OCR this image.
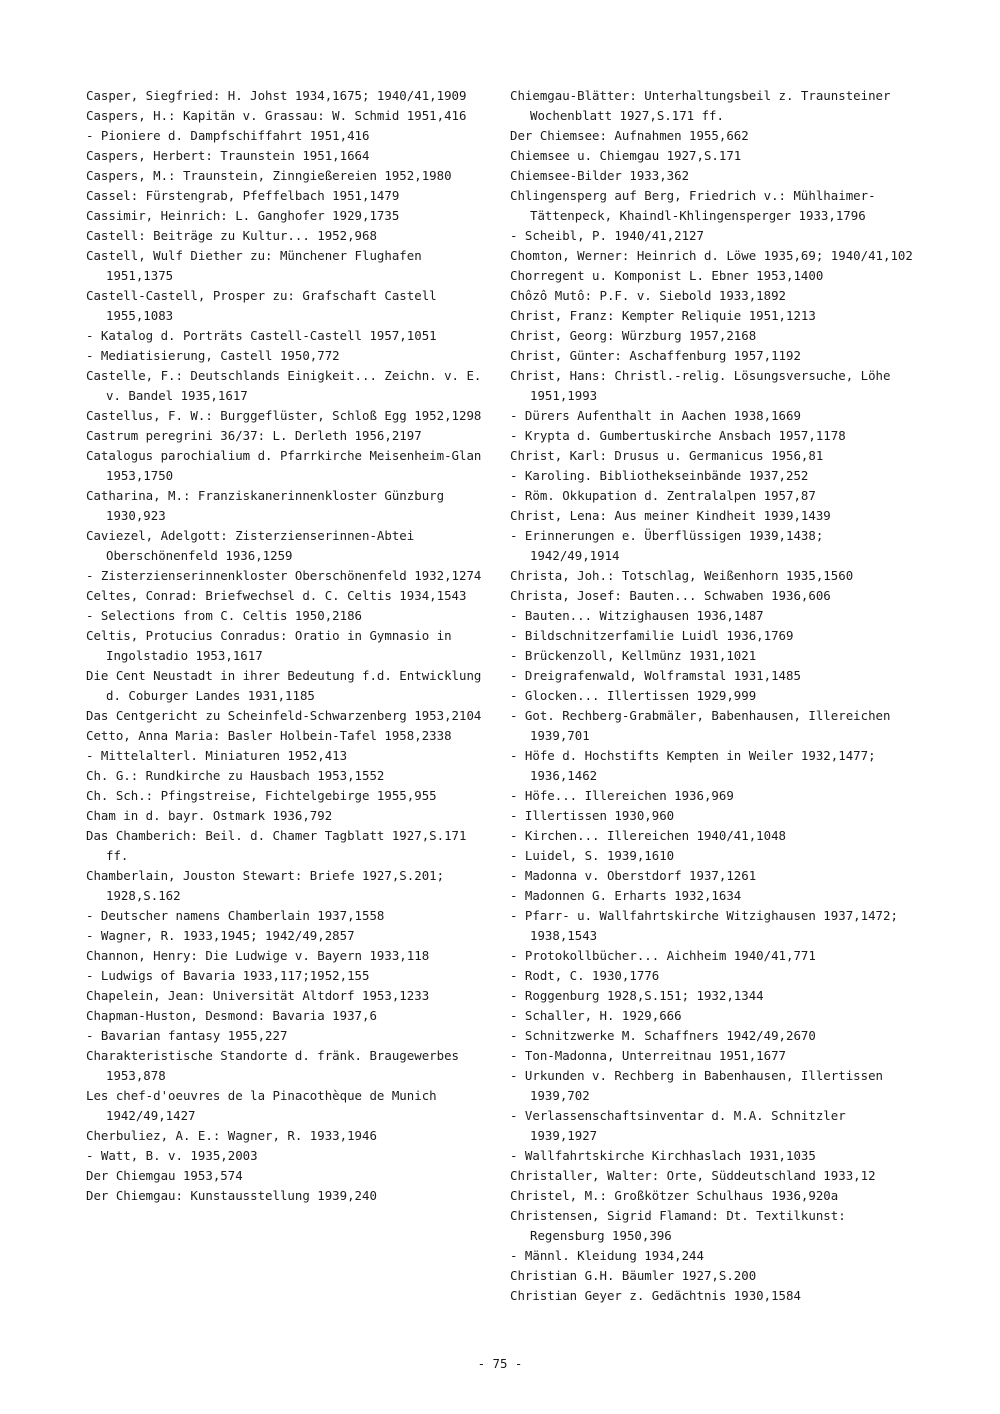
Casper, Siegfried: H. Johst 1934,1675; 1940/41,1909
Caspers, H.: Kapitän v. Grassau: W. Schmid 1951,416
- Pioniere d. Dampfschiffahrt 1951,416
Caspers, Herbert: Traunstein 1951,1664
Caspers, M.: Traunstein, Zinngießereien 1952,1980
Cassel: Fürstengrab, Pfeffelbach 1951,1479
Cassimir, Heinrich: L. Ganghofer 1929,1735
Castell: Beiträge zu Kultur... 1952,968
Castell, Wulf Diether zu: Münchener Flughafen 1951,1375
Castell-Castell, Prosper zu: Grafschaft Castell 1955,1083
- Katalog d. Porträts Castell-Castell 1957,1051
- Mediatisierung, Castell 1950,772
Castelle, F.: Deutschlands Einigkeit... Zeichn. v. E. v. Bandel 1935,1617
Castellus, F. W.: Burggeflüster, Schloß Egg 1952,1298
Castrum peregrini 36/37: L. Derleth 1956,2197
Catalogus parochialium d. Pfarrkirche Meisenheim-Glan 1953,1750
Catharina, M.: Franziskanerinnenkloster Günzburg 1930,923
Caviezel, Adelgott: Zisterzienserinnen-Abtei Oberschönenfeld 1936,1259
- Zisterzienserinnenkloster Oberschönenfeld 1932,1274
Celtes, Conrad: Briefwechsel d. C. Celtis 1934,1543
- Selections from C. Celtis 1950,2186
Celtis, Protucius Conradus: Oratio in Gymnasio in Ingolstadio 1953,1617
Die Cent Neustadt in ihrer Bedeutung f.d. Entwicklung d. Coburger Landes 1931,1185
Das Centgericht zu Scheinfeld-Schwarzenberg 1953,2104
Cetto, Anna Maria: Basler Holbein-Tafel 1958,2338
- Mittelalterl. Miniaturen 1952,413
Ch. G.: Rundkirche zu Hausbach 1953,1552
Ch. Sch.: Pfingstreise, Fichtelgebirge 1955,955
Cham in d. bayr. Ostmark 1936,792
Das Chamberich: Beil. d. Chamer Tagblatt 1927,S.171 ff.
Chamberlain, Jouston Stewart: Briefe 1927,S.201; 1928,S.162
- Deutscher namens Chamberlain 1937,1558
- Wagner, R. 1933,1945; 1942/49,2857
Channon, Henry: Die Ludwige v. Bayern 1933,118
- Ludwigs of Bavaria 1933,117;1952,155
Chapelein, Jean: Universität Altdorf 1953,1233
Chapman-Huston, Desmond: Bavaria 1937,6
- Bavarian fantasy 1955,227
Charakteristische Standorte d. fränk. Braugewerbes 1953,878
Les chef-d'oeuvres de la Pinacothèque de Munich 1942/49,1427
Cherbuliez, A. E.: Wagner, R. 1933,1946
- Watt, B. v. 1935,2003
Der Chiemgau 1953,574
Der Chiemgau: Kunstausstellung 1939,240
Chiemgau-Blätter: Unterhaltungsbeil z. Traunsteiner Wochenblatt 1927,S.171 ff.
Der Chiemsee: Aufnahmen 1955,662
Chiemsee u. Chiemgau 1927,S.171
Chiemsee-Bilder 1933,362
Chlingensperg auf Berg, Friedrich v.: Mühlhaimer-Tättenpeck, Khaindl-Khlingensperger 1933,1796
- Scheibl, P. 1940/41,2127
Chomton, Werner: Heinrich d. Löwe 1935,69; 1940/41,102
Chorregent u. Komponist L. Ebner 1953,1400
Chôzô Mutô: P.F. v. Siebold 1933,1892
Christ, Franz: Kempter Reliquie 1951,1213
Christ, Georg: Würzburg 1957,2168
Christ, Günter: Aschaffenburg 1957,1192
Christ, Hans: Christl.-relig. Lösungsversuche, Löhe 1951,1993
- Dürers Aufenthalt in Aachen 1938,1669
- Krypta d. Gumbertuskirche Ansbach 1957,1178
Christ, Karl: Drusus u. Germanicus 1956,81
- Karoling. Bibliothekseinbände 1937,252
- Röm. Okkupation d. Zentralalpen 1957,87
Christ, Lena: Aus meiner Kindheit 1939,1439
- Erinnerungen e. Überflüssigen 1939,1438; 1942/49,1914
Christa, Joh.: Totschlag, Weißenhorn 1935,1560
Christa, Josef: Bauten... Schwaben 1936,606
- Bauten... Witzighausen 1936,1487
- Bildschnitzerfamilie Luidl 1936,1769
- Brückenzoll, Kellmünz 1931,1021
- Dreigrafenwald, Wolframstal 1931,1485
- Glocken... Illertissen 1929,999
- Got. Rechberg-Grabmäler, Babenhausen, Illereichen 1939,701
- Höfe d. Hochstifts Kempten in Weiler 1932,1477; 1936,1462
- Höfe... Illereichen 1936,969
- Illertissen 1930,960
- Kirchen... Illereichen 1940/41,1048
- Luidel, S. 1939,1610
- Madonna v. Oberstdorf 1937,1261
- Madonnen G. Erharts 1932,1634
- Pfarr- u. Wallfahrtskirche Witzighausen 1937,1472; 1938,1543
- Protokollbücher... Aichheim 1940/41,771
- Rodt, C. 1930,1776
- Roggenburg 1928,S.151; 1932,1344
- Schaller, H. 1929,666
- Schnitzwerke M. Schaffners 1942/49,2670
- Ton-Madonna, Unterreitnau 1951,1677
- Urkunden v. Rechberg in Babenhausen, Illertissen 1939,702
- Verlassenschaftsinventar d. M.A. Schnitzler 1939,1927
- Wallfahrtskirche Kirchhaslach 1931,1035
Christaller, Walter: Orte, Süddeutschland 1933,12
Christel, M.: Großkötzer Schulhaus 1936,920a
Christensen, Sigrid Flamand: Dt. Textilkunst: Regensburg 1950,396
- Männl. Kleidung 1934,244
Christian G.H. Bäumler 1927,S.200
Christian Geyer z. Gedächtnis 1930,1584
- 75 -
